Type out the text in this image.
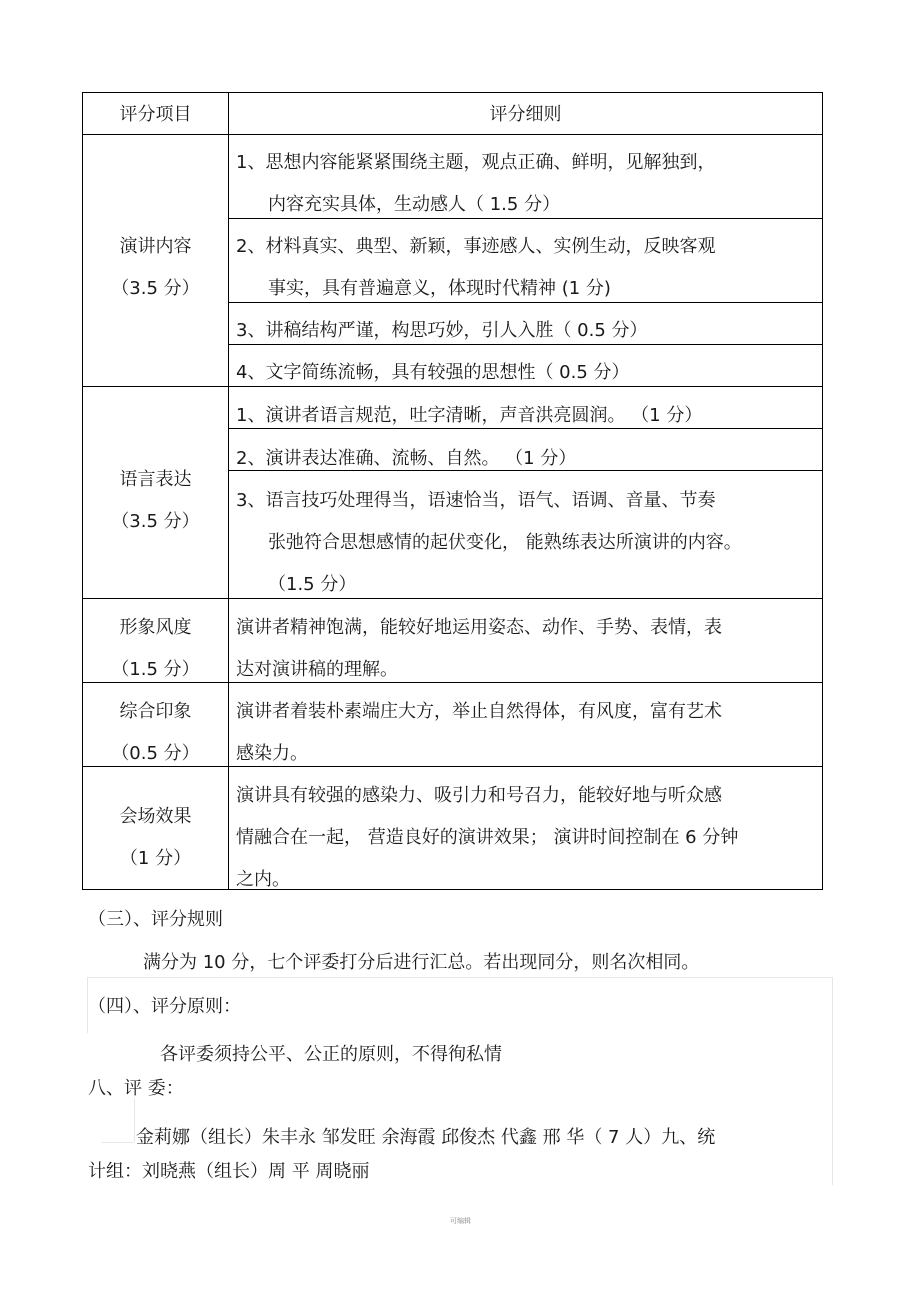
评分项目	评分细则
演讲内容
（3.5 分）
1、思想内容能紧紧围绕主题，观点正确、鲜明，见解独到，
内容充实具体，生动感人（ 1.5 分）
2、材料真实、典型、新颖，事迹感人、实例生动，反映客观
事实，具有普遍意义，体现时代精神 (1 分)
3、讲稿结构严谨，构思巧妙，引人入胜（ 0.5 分）
4、文字简练流畅，具有较强的思想性（ 0.5 分）
语言表达
（3.5 分）
1、演讲者语言规范，吐字清晰，声音洪亮圆润。 （1 分）
2、演讲表达准确、流畅、自然。 （1 分）
3、语言技巧处理得当，语速恰当，语气、语调、音量、节奏
张弛符合思想感情的起伏变化， 能熟练表达所演讲的内容。
（1.5 分）
形象风度
（1.5 分）
演讲者精神饱满，能较好地运用姿态、动作、手势、表情，表
达对演讲稿的理解。
综合印象
（0.5 分）
演讲者着装朴素端庄大方，举止自然得体，有风度，富有艺术
感染力。
会场效果
（1 分）
演讲具有较强的感染力、吸引力和号召力，能较好地与听众感
情融合在一起， 营造良好的演讲效果； 演讲时间控制在 6 分钟
之内。
（三）、评分规则
满分为 10 分，七个评委打分后进行汇总。若出现同分，则名次相同。
（四）、评分原则：
各评委须持公平、公正的原则，不得徇私情
八、评 委：
金莉娜（组长）朱丰永 邹发旺 余海霞 邱俊杰 代鑫 邢 华（ 7 人）九、统
计组：刘晓燕（组长）周 平 周晓丽
可编辑
